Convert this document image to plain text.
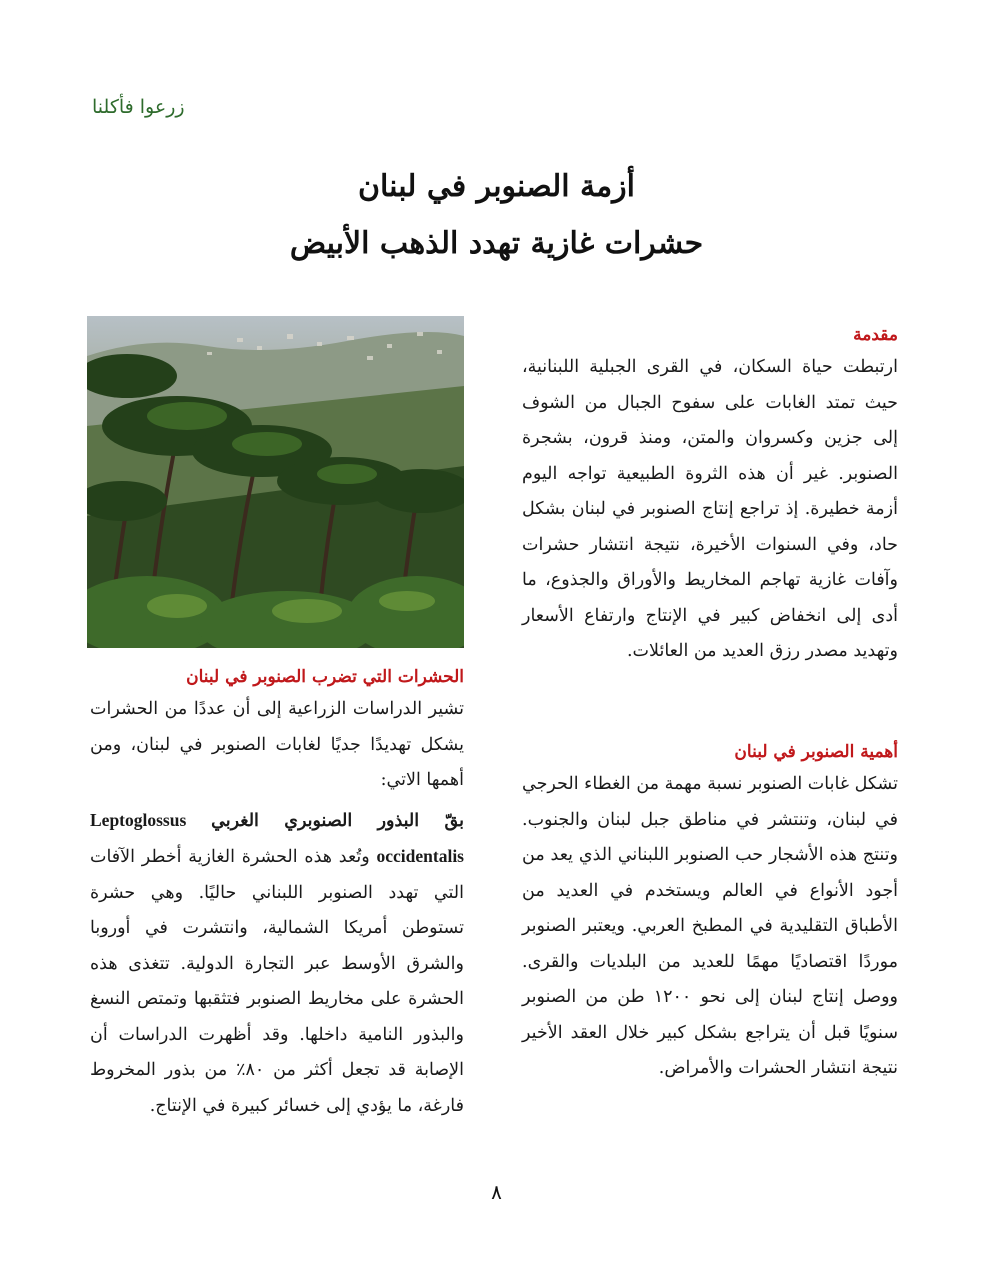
زرعوا فأكلنا
أزمة الصنوبر في لبنان
حشرات غازية تهدد الذهب الأبيض

مقدمة

ارتبطت حياة السكان، في القرى الجبلية اللبنانية، حيث تمتد الغابات على سفوح الجبال من الشوف إلى جزين وكسروان والمتن، ومنذ قرون، بشجرة الصنوبر. غير أن هذه الثروة الطبيعية تواجه اليوم أزمة خطيرة. إذ تراجع إنتاج الصنوبر في لبنان بشكل حاد، وفي السنوات الأخيرة، نتيجة انتشار حشرات وآفات غازية تهاجم المخاريط والأوراق والجذوع، ما أدى إلى انخفاض كبير في الإنتاج وارتفاع الأسعار وتهديد مصدر رزق العديد من العائلات.

أهمية الصنوبر في لبنان

تشكل غابات الصنوبر نسبة مهمة من الغطاء الحرجي في لبنان، وتنتشر في مناطق جبل لبنان والجنوب. وتنتج هذه الأشجار حب الصنوبر اللبناني الذي يعد من أجود الأنواع في العالم ويستخدم في العديد من الأطباق التقليدية في المطبخ العربي. ويعتبر الصنوبر موردًا اقتصاديًا مهمًا للعديد من البلديات والقرى. ووصل إنتاج لبنان إلى نحو ١٢٠٠ طن من الصنوبر سنويًا قبل أن يتراجع بشكل كبير خلال العقد الأخير نتيجة انتشار الحشرات والأمراض.

الحشرات التي تضرب الصنوبر في لبنان

تشير الدراسات الزراعية إلى أن عددًا من الحشرات يشكل تهديدًا جديًا لغابات الصنوبر في لبنان، ومن أهمها الاتي:

بقّ البذور الصنوبري الغربي Leptoglossus occidentalis وتُعد هذه الحشرة الغازية أخطر الآفات التي تهدد الصنوبر اللبناني حاليًا. وهي حشرة تستوطن أمريكا الشمالية، وانتشرت في أوروبا والشرق الأوسط عبر التجارة الدولية. تتغذى هذه الحشرة على مخاريط الصنوبر فتثقبها وتمتص النسغ والبذور النامية داخلها. وقد أظهرت الدراسات أن الإصابة قد تجعل أكثر من ٨٠٪ من بذور المخروط فارغة، ما يؤدي إلى خسائر كبيرة في الإنتاج.

٨
